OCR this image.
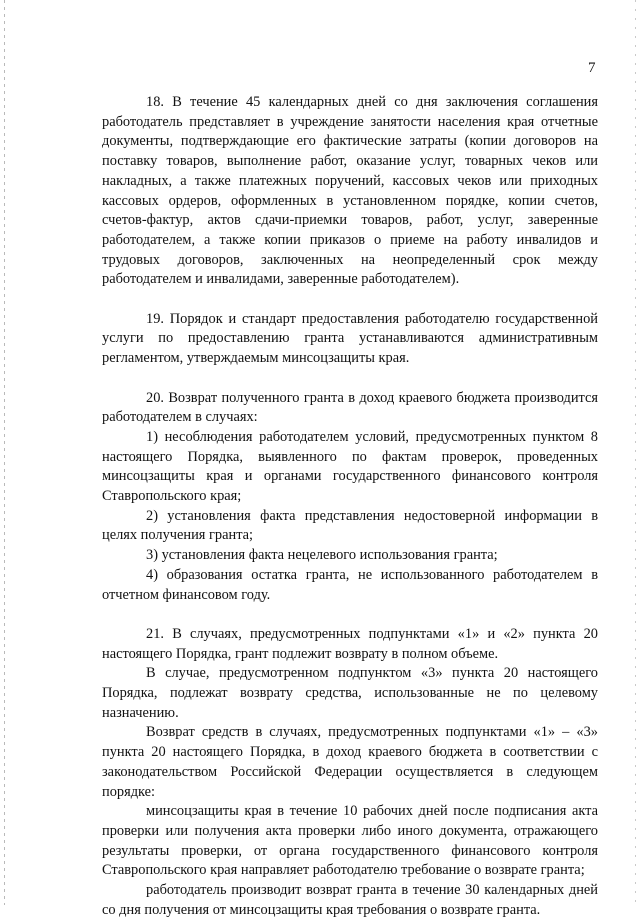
7

18. В течение 45 календарных дней со дня заключения соглашения работодатель представляет в учреждение занятости населения края отчетные документы, подтверждающие его фактические затраты (копии договоров на поставку товаров, выполнение работ, оказание услуг, товарных чеков или накладных, а также платежных поручений, кассовых чеков или приходных кассовых ордеров, оформленных в установленном порядке, копии счетов, счетов-фактур, актов сдачи-приемки товаров, работ, услуг, заверенные работодателем, а также копии приказов о приеме на работу инвалидов и трудовых договоров, заключенных на неопределенный срок между работодателем и инвалидами, заверенные работодателем).

19. Порядок и стандарт предоставления работодателю государственной услуги по предоставлению гранта устанавливаются административным регламентом, утверждаемым минсоцзащиты края.

20. Возврат полученного гранта в доход краевого бюджета производится работодателем в случаях:

1) несоблюдения работодателем условий, предусмотренных пунктом 8 настоящего Порядка, выявленного по фактам проверок, проведенных минсоцзащиты края и органами государственного финансового контроля Ставропольского края;

2) установления факта представления недостоверной информации в целях получения гранта;

3) установления факта нецелевого использования гранта;

4) образования остатка гранта, не использованного работодателем в отчетном финансовом году.

21. В случаях, предусмотренных подпунктами «1» и «2» пункта 20 настоящего Порядка, грант подлежит возврату в полном объеме.

В случае, предусмотренном подпунктом «3» пункта 20 настоящего Порядка, подлежат возврату средства, использованные не по целевому назначению.

Возврат средств в случаях, предусмотренных подпунктами «1» – «3» пункта 20 настоящего Порядка, в доход краевого бюджета в соответствии с законодательством Российской Федерации осуществляется в следующем порядке:

минсоцзащиты края в течение 10 рабочих дней после подписания акта проверки или получения акта проверки либо иного документа, отражающего результаты проверки, от органа государственного финансового контроля Ставропольского края направляет работодателю требование о возврате гранта;

работодатель производит возврат гранта в течение 30 календарных дней со дня получения от минсоцзащиты края требования о возврате гранта.
